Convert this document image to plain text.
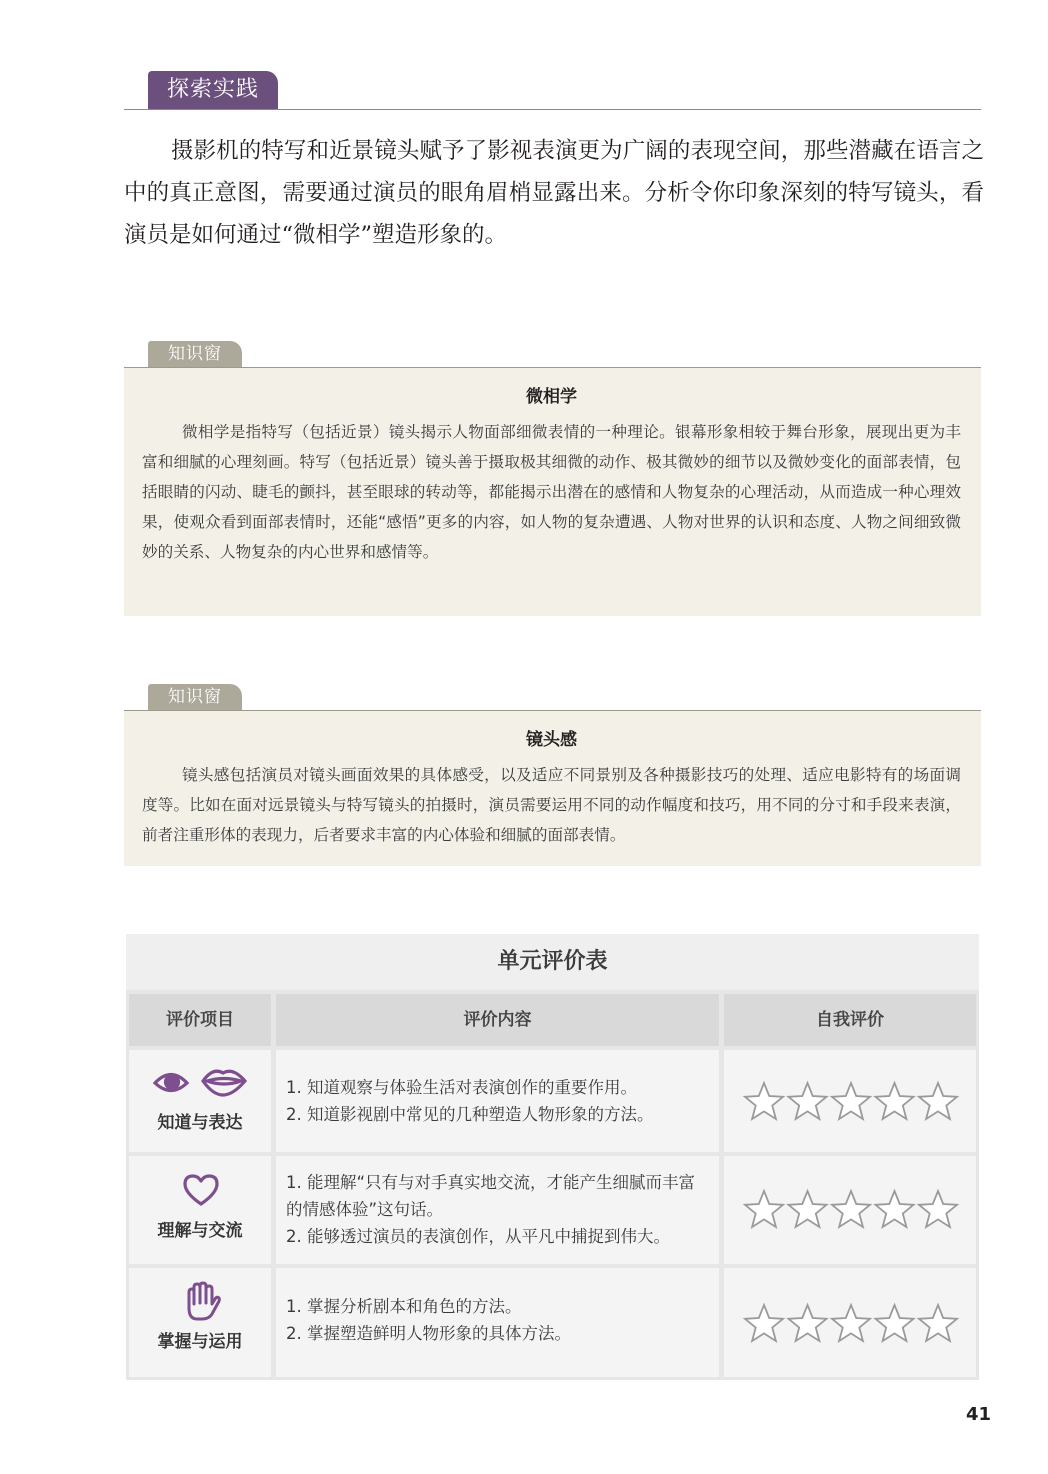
探索实践

摄影机的特写和近景镜头赋予了影视表演更为广阔的表现空间，那些潜藏在语言之中的真正意图，需要通过演员的眼角眉梢显露出来。分析令你印象深刻的特写镜头，看演员是如何通过“微相学”塑造形象的。

知识窗
微相学

微相学是指特写（包括近景）镜头揭示人物面部细微表情的一种理论。银幕形象相较于舞台形象，展现出更为丰富和细腻的心理刻画。特写（包括近景）镜头善于摄取极其细微的动作、极其微妙的细节以及微妙变化的面部表情，包括眼睛的闪动、睫毛的颤抖，甚至眼球的转动等，都能揭示出潜在的感情和人物复杂的心理活动，从而造成一种心理效果，使观众看到面部表情时，还能“感悟”更多的内容，如人物的复杂遭遇、人物对世界的认识和态度、人物之间细致微妙的关系、人物复杂的内心世界和感情等。

知识窗
镜头感

镜头感包括演员对镜头画面效果的具体感受，以及适应不同景别及各种摄影技巧的处理、适应电影特有的场面调度等。比如在面对远景镜头与特写镜头的拍摄时，演员需要运用不同的动作幅度和技巧，用不同的分寸和手段来表演，前者注重形体的表现力，后者要求丰富的内心体验和细腻的面部表情。

单元评价表
评价项目	评价内容	自我评价
知道与表达

1. 知道观察与体验生活对表演创作的重要作用。

2. 知道影视剧中常见的几种塑造人物形象的方法。

理解与交流

1. 能理解“只有与对手真实地交流，才能产生细腻而丰富的情感体验”这句话。

2. 能够透过演员的表演创作，从平凡中捕捉到伟大。

掌握与运用

1. 掌握分析剧本和角色的方法。

2. 掌握塑造鲜明人物形象的具体方法。

41
